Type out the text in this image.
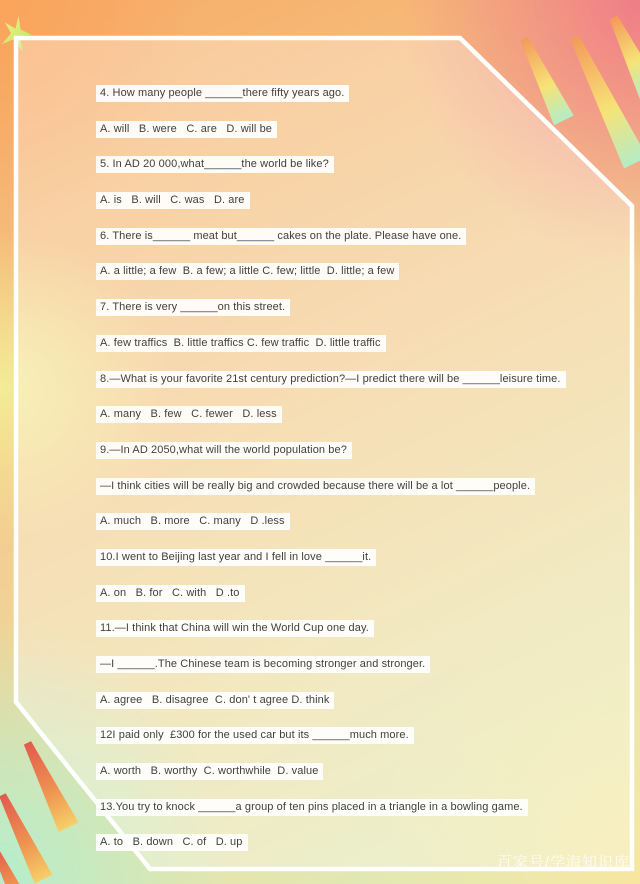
4. How many people ______there fifty years ago.
A. will   B. were   C. are   D. will be
5. In AD 20 000,what______the world be like?
A. is   B. will   C. was   D. are
6. There is______ meat but______ cakes on the plate. Please have one.
A. a little; a few  B. a few; a little C. few; little  D. little; a few
7. There is very ______on this street.
A. few traffics  B. little traffics C. few traffic  D. little traffic
8.—What is your favorite 21st century prediction?—I predict there will be ______leisure time.
A. many   B. few   C. fewer   D. less
9.—In AD 2050,what will the world population be?
—I think cities will be really big and crowded because there will be a lot ______people.
A. much   B. more   C. many   D .less
10.I went to Beijing last year and I fell in love ______it.
A. on   B. for   C. with   D .to
11.—I think that China will win the World Cup one day.
—I ______.The Chinese team is becoming stronger and stronger.
A. agree   B. disagree  C. don' t agree D. think
12I paid only  £300 for the used car but its ______much more.
A. worth   B. worthy  C. worthwhile  D. value
13.You try to knock ______a group of ten pins placed in a triangle in a bowling game.
A. to   B. down   C. of   D. up
百家号/学海知识库
